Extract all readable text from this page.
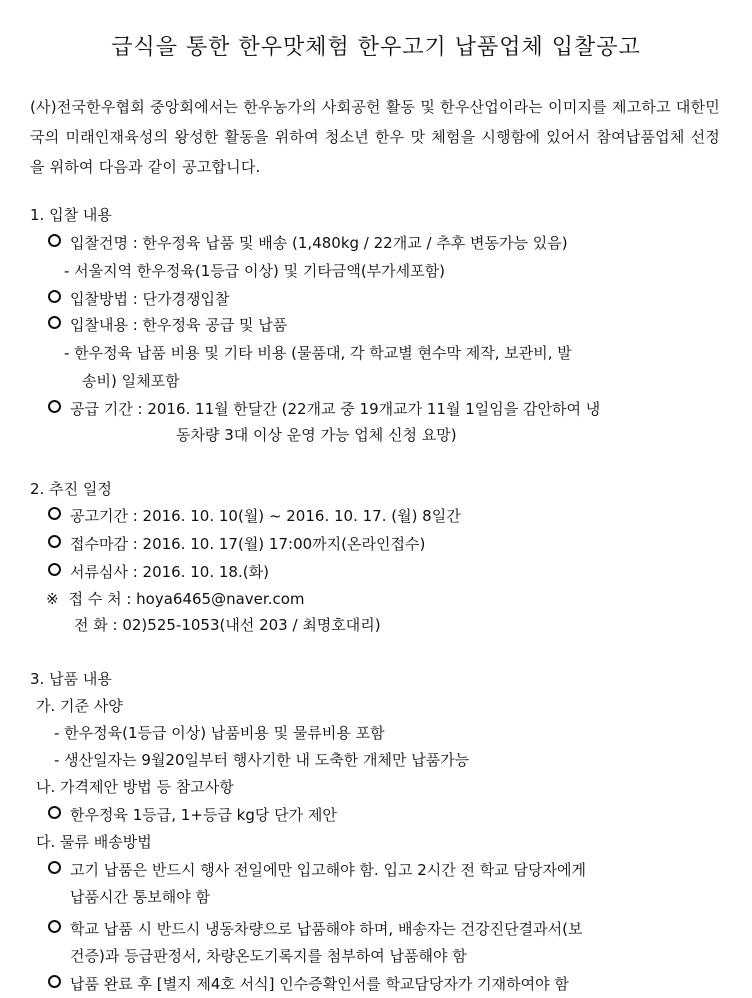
급식을 통한 한우맛체험 한우고기 납품업체 입찰공고
(사)전국한우협회 중앙회에서는 한우농가의 사회공헌 활동 및 한우산업이라는 이미지를 제고하고 대한민국의 미래인재육성의 왕성한 활동을 위하여 청소년 한우 맛 체험을 시행함에 있어서 참여납품업체 선정을 위하여 다음과 같이 공고합니다.
1. 입찰 내용
입찰건명 : 한우정육 납품 및 배송 (1,480kg / 22개교 / 추후 변동가능 있음)
- 서울지역 한우정육(1등급 이상) 및 기타금액(부가세포함)
입찰방법 : 단가경쟁입찰
입찰내용 : 한우정육 공급 및 납품
- 한우정육 납품 비용 및 기타 비용 (물품대, 각 학교별 현수막 제작, 보관비, 발
송비) 일체포함
공급 기간 : 2016. 11월 한달간 (22개교 중 19개교가 11월 1일임을 감안하여 냉
동차량 3대 이상 운영 가능 업체 신청 요망)
2. 추진 일정
공고기간 : 2016. 10. 10(월) ~ 2016. 10. 17. (월) 8일간
접수마감 : 2016. 10. 17(월) 17:00까지(온라인접수)
서류심사 : 2016. 10. 18.(화)
※ 접 수 처 : hoya6465@naver.com
전 화 : 02)525-1053(내선 203 / 최명호대리)
3. 납품 내용
가. 기준 사양
- 한우정육(1등급 이상) 납품비용 및 물류비용 포함
- 생산일자는 9월20일부터 행사기한 내 도축한 개체만 납품가능
나. 가격제안 방법 등 참고사항
한우정육 1등급, 1+등급 kg당 단가 제안
다. 물류 배송방법
고기 납품은 반드시 행사 전일에만 입고해야 함. 입고 2시간 전 학교 담당자에게
납품시간 통보해야 함
학교 납품 시 반드시 냉동차량으로 납품해야 하며, 배송자는 건강진단결과서(보
건증)과 등급판정서, 차량온도기록지를 첨부하여 납품해야 함
납품 완료 후 [별지 제4호 서식] 인수증확인서를 학교담당자가 기재하여야 함
